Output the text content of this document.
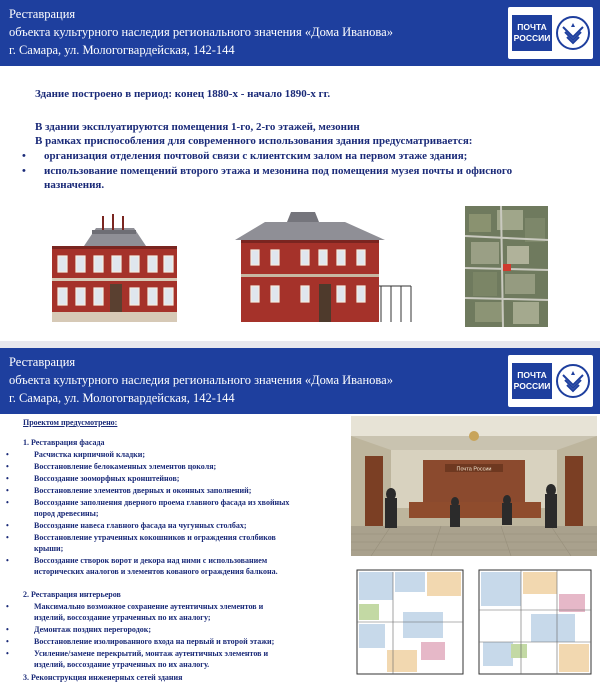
Реставрация
объекта культурного наследия регионального значения «Дома Иванова»
г. Самара, ул. Мологогвардейская, 142-144
ПОЧТА
РОССИИ
Здание построено в период: конец 1880-х - начало 1890-х гг.
В здании эксплуатируются помещения 1-го, 2-го этажей, мезонин
В рамках приспособления для современного использования здания предусматривается:
• организация отделения почтовой связи с клиентским залом на первом этаже здания;
• использование помещений второго этажа и мезонина под помещения музея почты и офисного назначения.
Реставрация
объекта культурного наследия регионального значения «Дома Иванова»
г. Самара, ул. Мологогвардейская, 142-144
ПОЧТА
РОССИИ
Проектом предусмотрено:
1. Реставрация фасада
•	Расчистка кирпичной кладки;
•	Восстановление белокаменных элементов цоколя;
•	Воссоздание зооморфных кронштейнов;
•	Восстановление элементов дверных и оконных заполнений;
•	Воссоздание заполнения дверного проема главного фасада из хвойных
пород древесины;
•	Воссоздание навеса главного фасада на чугунных столбах;
•	Восстановление утраченных кокошников и ограждения столбиков
крыши;
•	Воссоздание створок ворот и декора над ними с использованием
исторических аналогов и элементов кованого ограждения балкона.
2. Реставрация интерьеров
•	Максимально возможное сохранение аутентичных элементов и
изделий, воссоздание утраченных по их аналогу;
•	Демонтаж поздних перегородок;
•	Восстановление изолированного входа на первый и второй этажи;
•	Усиление/замене перекрытий, монтаж аутентичных элементов и
изделий, воссоздание утраченных по их аналогу.
3. Реконструкция инженерных сетей здания
Почта России
